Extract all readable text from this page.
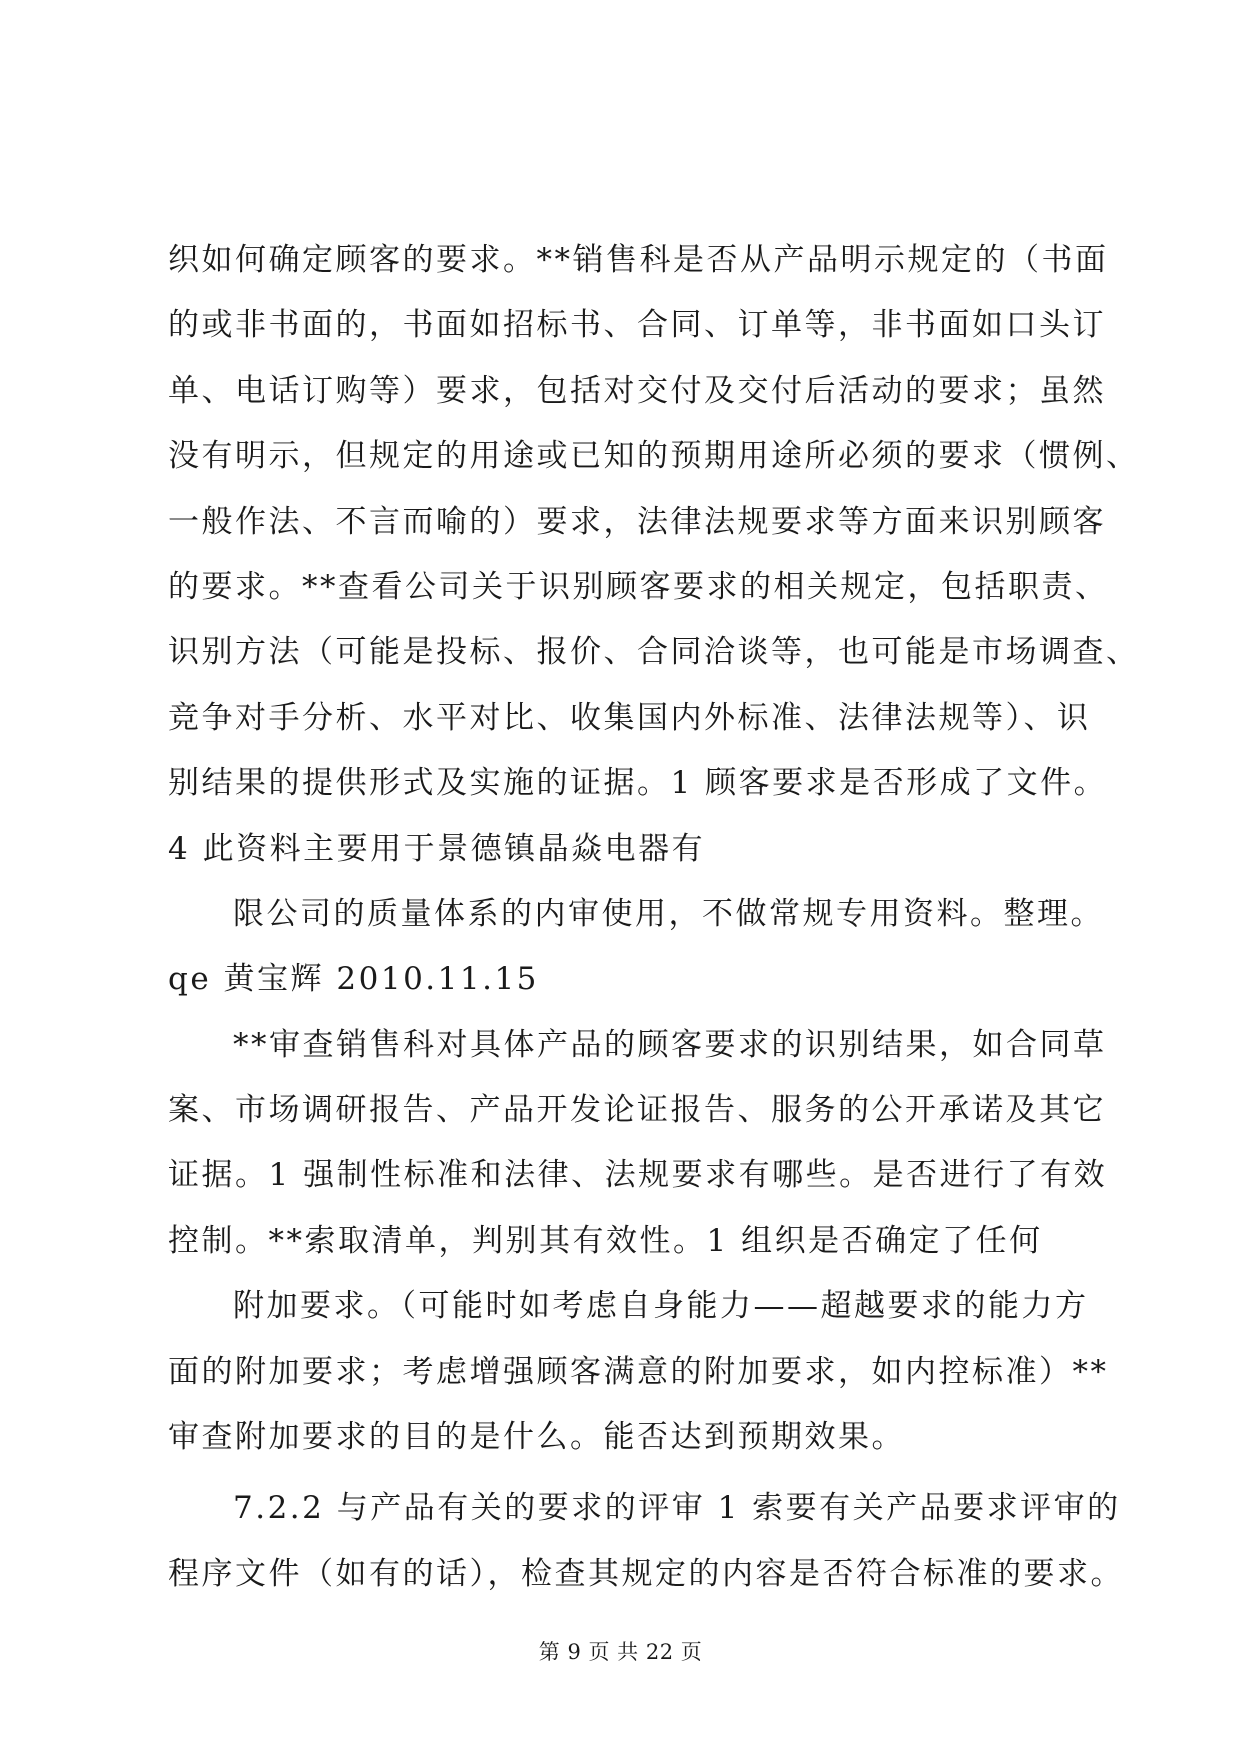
织如何确定顾客的要求。**销售科是否从产品明示规定的（书面
的或非书面的，书面如招标书、合同、订单等，非书面如口头订
单、电话订购等）要求，包括对交付及交付后活动的要求；虽然
没有明示，但规定的用途或已知的预期用途所必须的要求（惯例、
一般作法、不言而喻的）要求，法律法规要求等方面来识别顾客
的要求。**查看公司关于识别顾客要求的相关规定，包括职责、
识别方法（可能是投标、报价、合同洽谈等，也可能是市场调查、
竞争对手分析、水平对比、收集国内外标准、法律法规等）、识
别结果的提供形式及实施的证据。1 顾客要求是否形成了文件。
4 此资料主要用于景德镇晶焱电器有
限公司的质量体系的内审使用，不做常规专用资料。整理。
qe 黄宝辉 2010.11.15
**审查销售科对具体产品的顾客要求的识别结果，如合同草
案、市场调研报告、产品开发论证报告、服务的公开承诺及其它
证据。1 强制性标准和法律、法规要求有哪些。是否进行了有效
控制。**索取清单，判别其有效性。1 组织是否确定了任何
附加要求。（可能时如考虑自身能力——超越要求的能力方
面的附加要求；考虑增强顾客满意的附加要求，如内控标准）**
审查附加要求的目的是什么。能否达到预期效果。
7.2.2 与产品有关的要求的评审 1 索要有关产品要求评审的
程序文件（如有的话），检查其规定的内容是否符合标准的要求。
第 9 页 共 22 页
